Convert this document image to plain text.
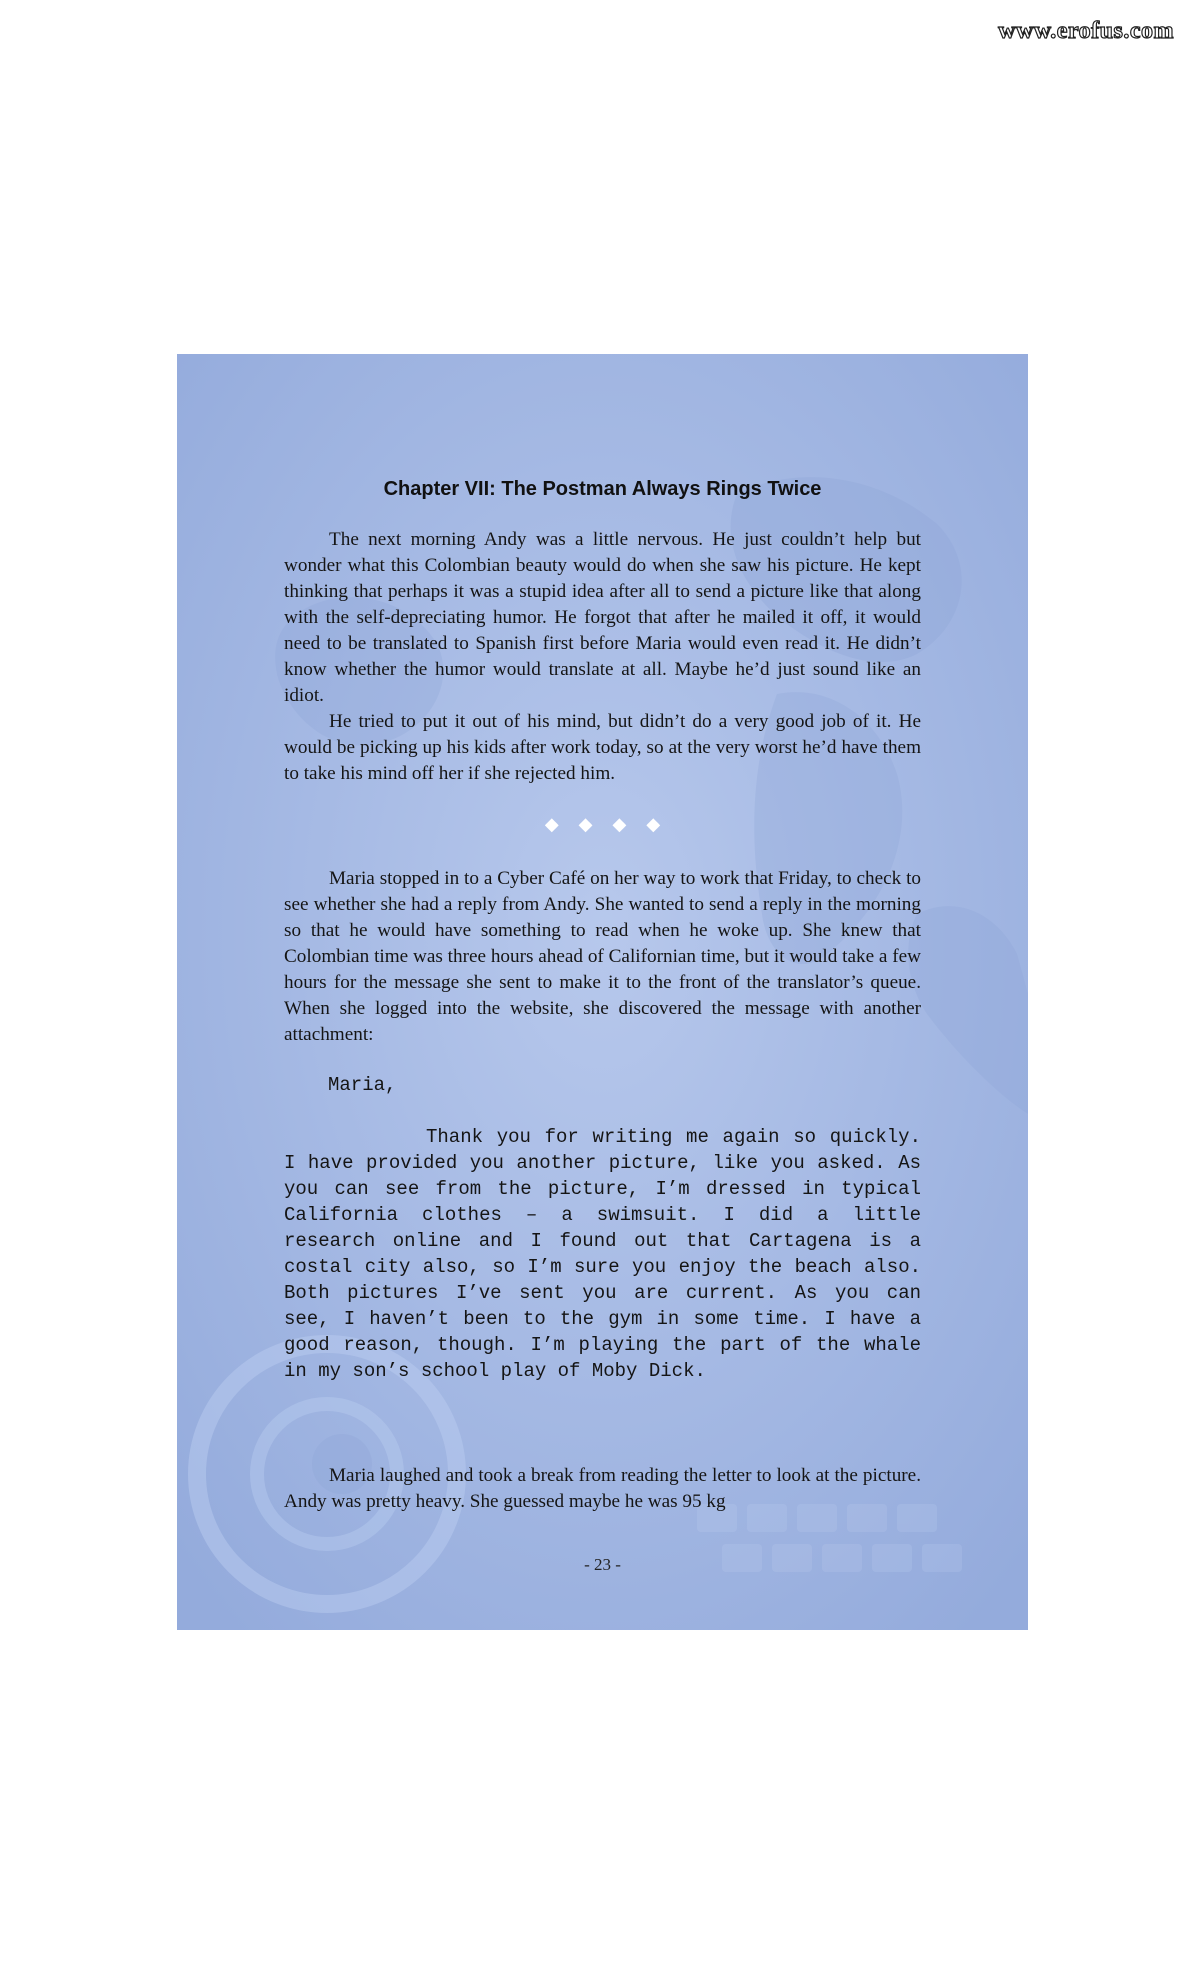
www.erofus.com
Chapter VII: The Postman Always Rings Twice

The next morning Andy was a little nervous. He just couldn’t help but wonder what this Colombian beauty would do when she saw his picture. He kept thinking that perhaps it was a stupid idea after all to send a picture like that along with the self-depreciating humor. He forgot that after he mailed it off, it would need to be translated to Spanish first before Maria would even read it. He didn’t know whether the humor would translate at all. Maybe he’d just sound like an idiot.

He tried to put it out of his mind, but didn’t do a very good job of it. He would be picking up his kids after work today, so at the very worst he’d have them to take his mind off her if she rejected him.

◆◆◆◆

Maria stopped in to a Cyber Café on her way to work that Friday, to check to see whether she had a reply from Andy. She wanted to send a reply in the morning so that he would have something to read when he woke up. She knew that Colombian time was three hours ahead of Californian time, but it would take a few hours for the message she sent to make it to the front of the translator’s queue. When she logged into the website, she discovered the message with another attachment:

Maria,

Thank you for writing me again so quickly. I have provided you another picture, like you asked. As you can see from the picture, I’m dressed in typical California clothes – a swimsuit. I did a little research online and I found out that Cartagena is a costal city also, so I’m sure you enjoy the beach also. Both pictures I’ve sent you are current. As you can see, I haven’t been to the gym in some time. I have a good reason, though. I’m playing the part of the whale in my son’s school play of Moby Dick.

Maria laughed and took a break from reading the letter to look at the picture. Andy was pretty heavy. She guessed maybe he was 95 kg

- 23 -
